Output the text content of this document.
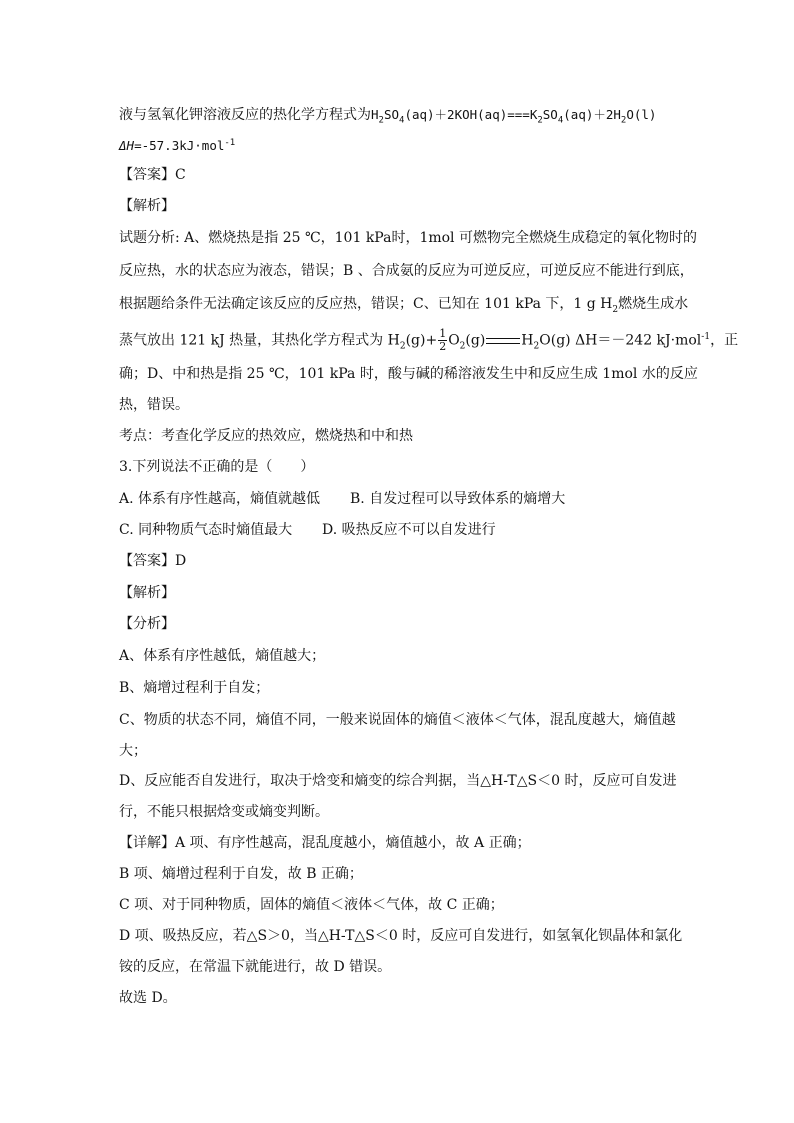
液与氢氧化钾溶液反应的热化学方程式为$H_2SO_4(aq)+2KOH(aq)===K_2SO_4(aq)+2H_2O(l)$
ΔH=-57.3kJ·mol$^{-1}$
【答案】C
【解析】
试题分析: A、燃烧热是指 25 ℃，101 kPa时，1mol 可燃物完全燃烧生成稳定的氧化物时的
反应热，水的状态应为液态，错误；B 、合成氨的反应为可逆反应，可逆反应不能进行到底，
根据题给条件无法确定该反应的反应热，错误；C、已知在 101 kPa 下，1 g $H_2$燃烧生成水
蒸气放出 121 kJ 热量，其热化学方程式为 $H_2(g)+ \frac{1}{2} O_2(g)$	$H_2O(g)$ ΔH＝－242 kJ·mol$^{-1}$，正
确；D、中和热是指 25 ℃，101 kPa 时，酸与碱的稀溶液发生中和反应生成 1mol 水的反应
热，错误。
考点：考查化学反应的热效应，燃烧热和中和热
3.下列说法不正确的是（　　）
A. 体系有序性越高，熵值就越低 B. 自发过程可以导致体系的熵增大
C. 同种物质气态时熵值最大 D. 吸热反应不可以自发进行
【答案】D
【解析】
【分析】
A、体系有序性越低，熵值越大；
B、熵增过程利于自发；
C、物质的状态不同，熵值不同，一般来说固体的熵值＜液体＜气体，混乱度越大，熵值越
大；
D、反应能否自发进行，取决于焓变和熵变的综合判据，当△H-T△S＜0 时，反应可自发进
行，不能只根据焓变或熵变判断。
【详解】A 项、有序性越高，混乱度越小，熵值越小，故 A 正确；
B 项、熵增过程利于自发，故 B 正确；
C 项、对于同种物质，固体的熵值＜液体＜气体，故 C 正确；
D 项、吸热反应，若△S＞0，当△H-T△S＜0 时，反应可自发进行，如氢氧化钡晶体和氯化
铵的反应，在常温下就能进行，故 D 错误。
故选 D。
